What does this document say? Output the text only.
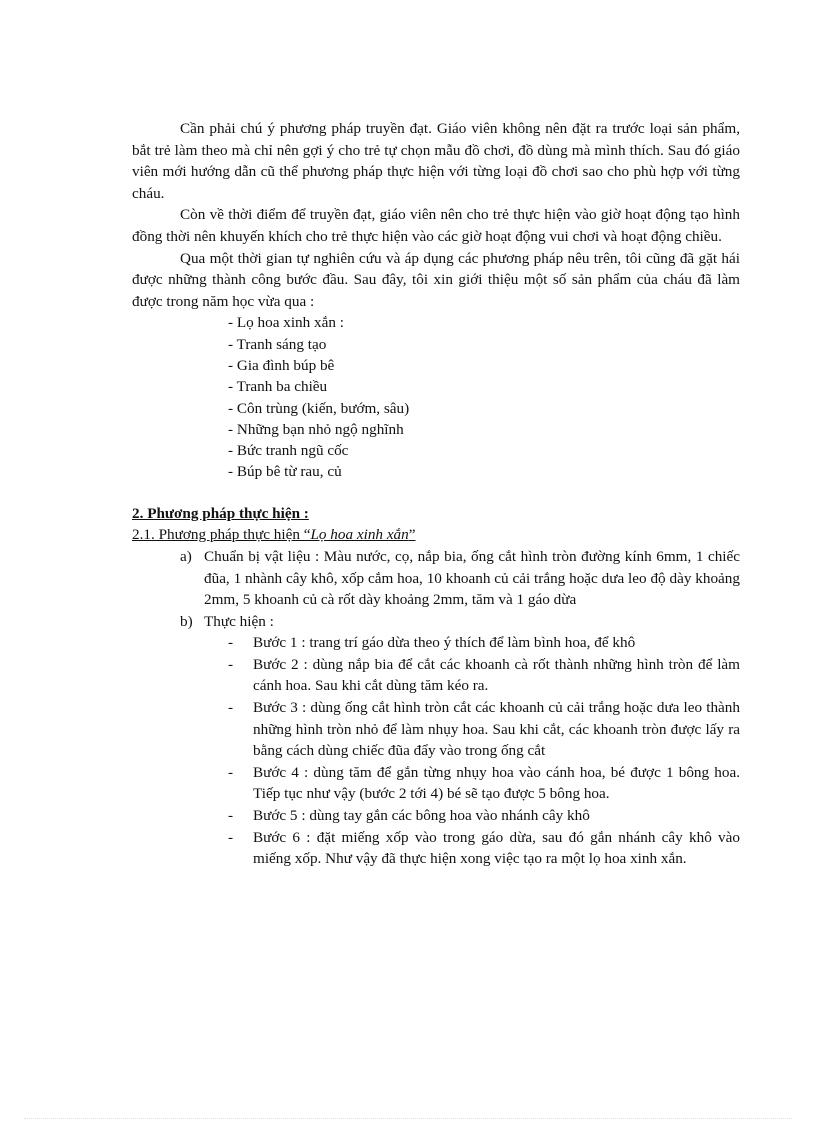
Cần phải chú ý phương pháp truyền đạt. Giáo viên không nên đặt ra trước loại sản phẩm, bắt trẻ làm theo mà chỉ nên gợi ý cho trẻ tự chọn mẫu đồ chơi, đồ dùng mà mình thích. Sau đó giáo viên mới hướng dẫn cũ thể phương pháp thực hiện với từng loại đồ chơi sao cho phù hợp với từng cháu.

Còn về thời điểm để truyền đạt, giáo viên nên cho trẻ thực hiện vào giờ hoạt động tạo hình đồng thời nên khuyến khích cho trẻ thực hiện vào các giờ hoạt động vui chơi và hoạt động chiều.

Qua một thời gian tự nghiên cứu và áp dụng các phương pháp nêu trên, tôi cũng đã gặt hái được những thành công bước đầu. Sau đây, tôi xin giới thiệu một số sản phẩm của cháu đã làm được trong năm học vừa qua :

- Lọ hoa xinh xắn :
- Tranh sáng tạo
- Gia đình búp bê
- Tranh ba chiều
- Côn trùng (kiến, bướm, sâu)
- Những bạn nhỏ ngộ nghĩnh
- Bức tranh ngũ cốc
- Búp bê từ rau, củ
2. Phương pháp thực hiện :
2.1. Phương pháp thực hiện “Lọ hoa xinh xắn”
a) Chuẩn bị vật liệu : Màu nước, cọ, nắp bia, ống cắt hình tròn đường kính 6mm, 1 chiếc đũa, 1 nhành cây khô, xốp cắm hoa, 10 khoanh củ cải trắng hoặc dưa leo độ dày khoảng 2mm, 5 khoanh củ cà rốt dày khoảng 2mm, tăm và 1 gáo dừa
b) Thực hiện :
- Bước 1 : trang trí gáo dừa theo ý thích để làm bình hoa, để khô
- Bước 2 : dùng nắp bia để cắt các khoanh cà rốt thành những hình tròn để làm cánh hoa. Sau khi cắt dùng tăm kéo ra.
- Bước 3 : dùng ống cắt hình tròn cắt các khoanh củ cải trắng hoặc dưa leo thành những hình tròn nhỏ để làm nhụy hoa. Sau khi cắt, các khoanh tròn được lấy ra bằng cách dùng chiếc đũa đẩy vào trong ống cắt
- Bước 4 : dùng tăm để gắn từng nhụy hoa vào cánh hoa, bé được 1 bông hoa. Tiếp tục như vậy (bước 2 tới 4) bé sẽ tạo được 5 bông hoa.
- Bước 5 : dùng tay gắn các bông hoa vào nhánh cây khô
- Bước 6 : đặt miếng xốp vào trong gáo dừa, sau đó gắn nhánh cây khô vào miếng xốp. Như vậy đã thực hiện xong việc tạo ra một lọ hoa xinh xắn.
